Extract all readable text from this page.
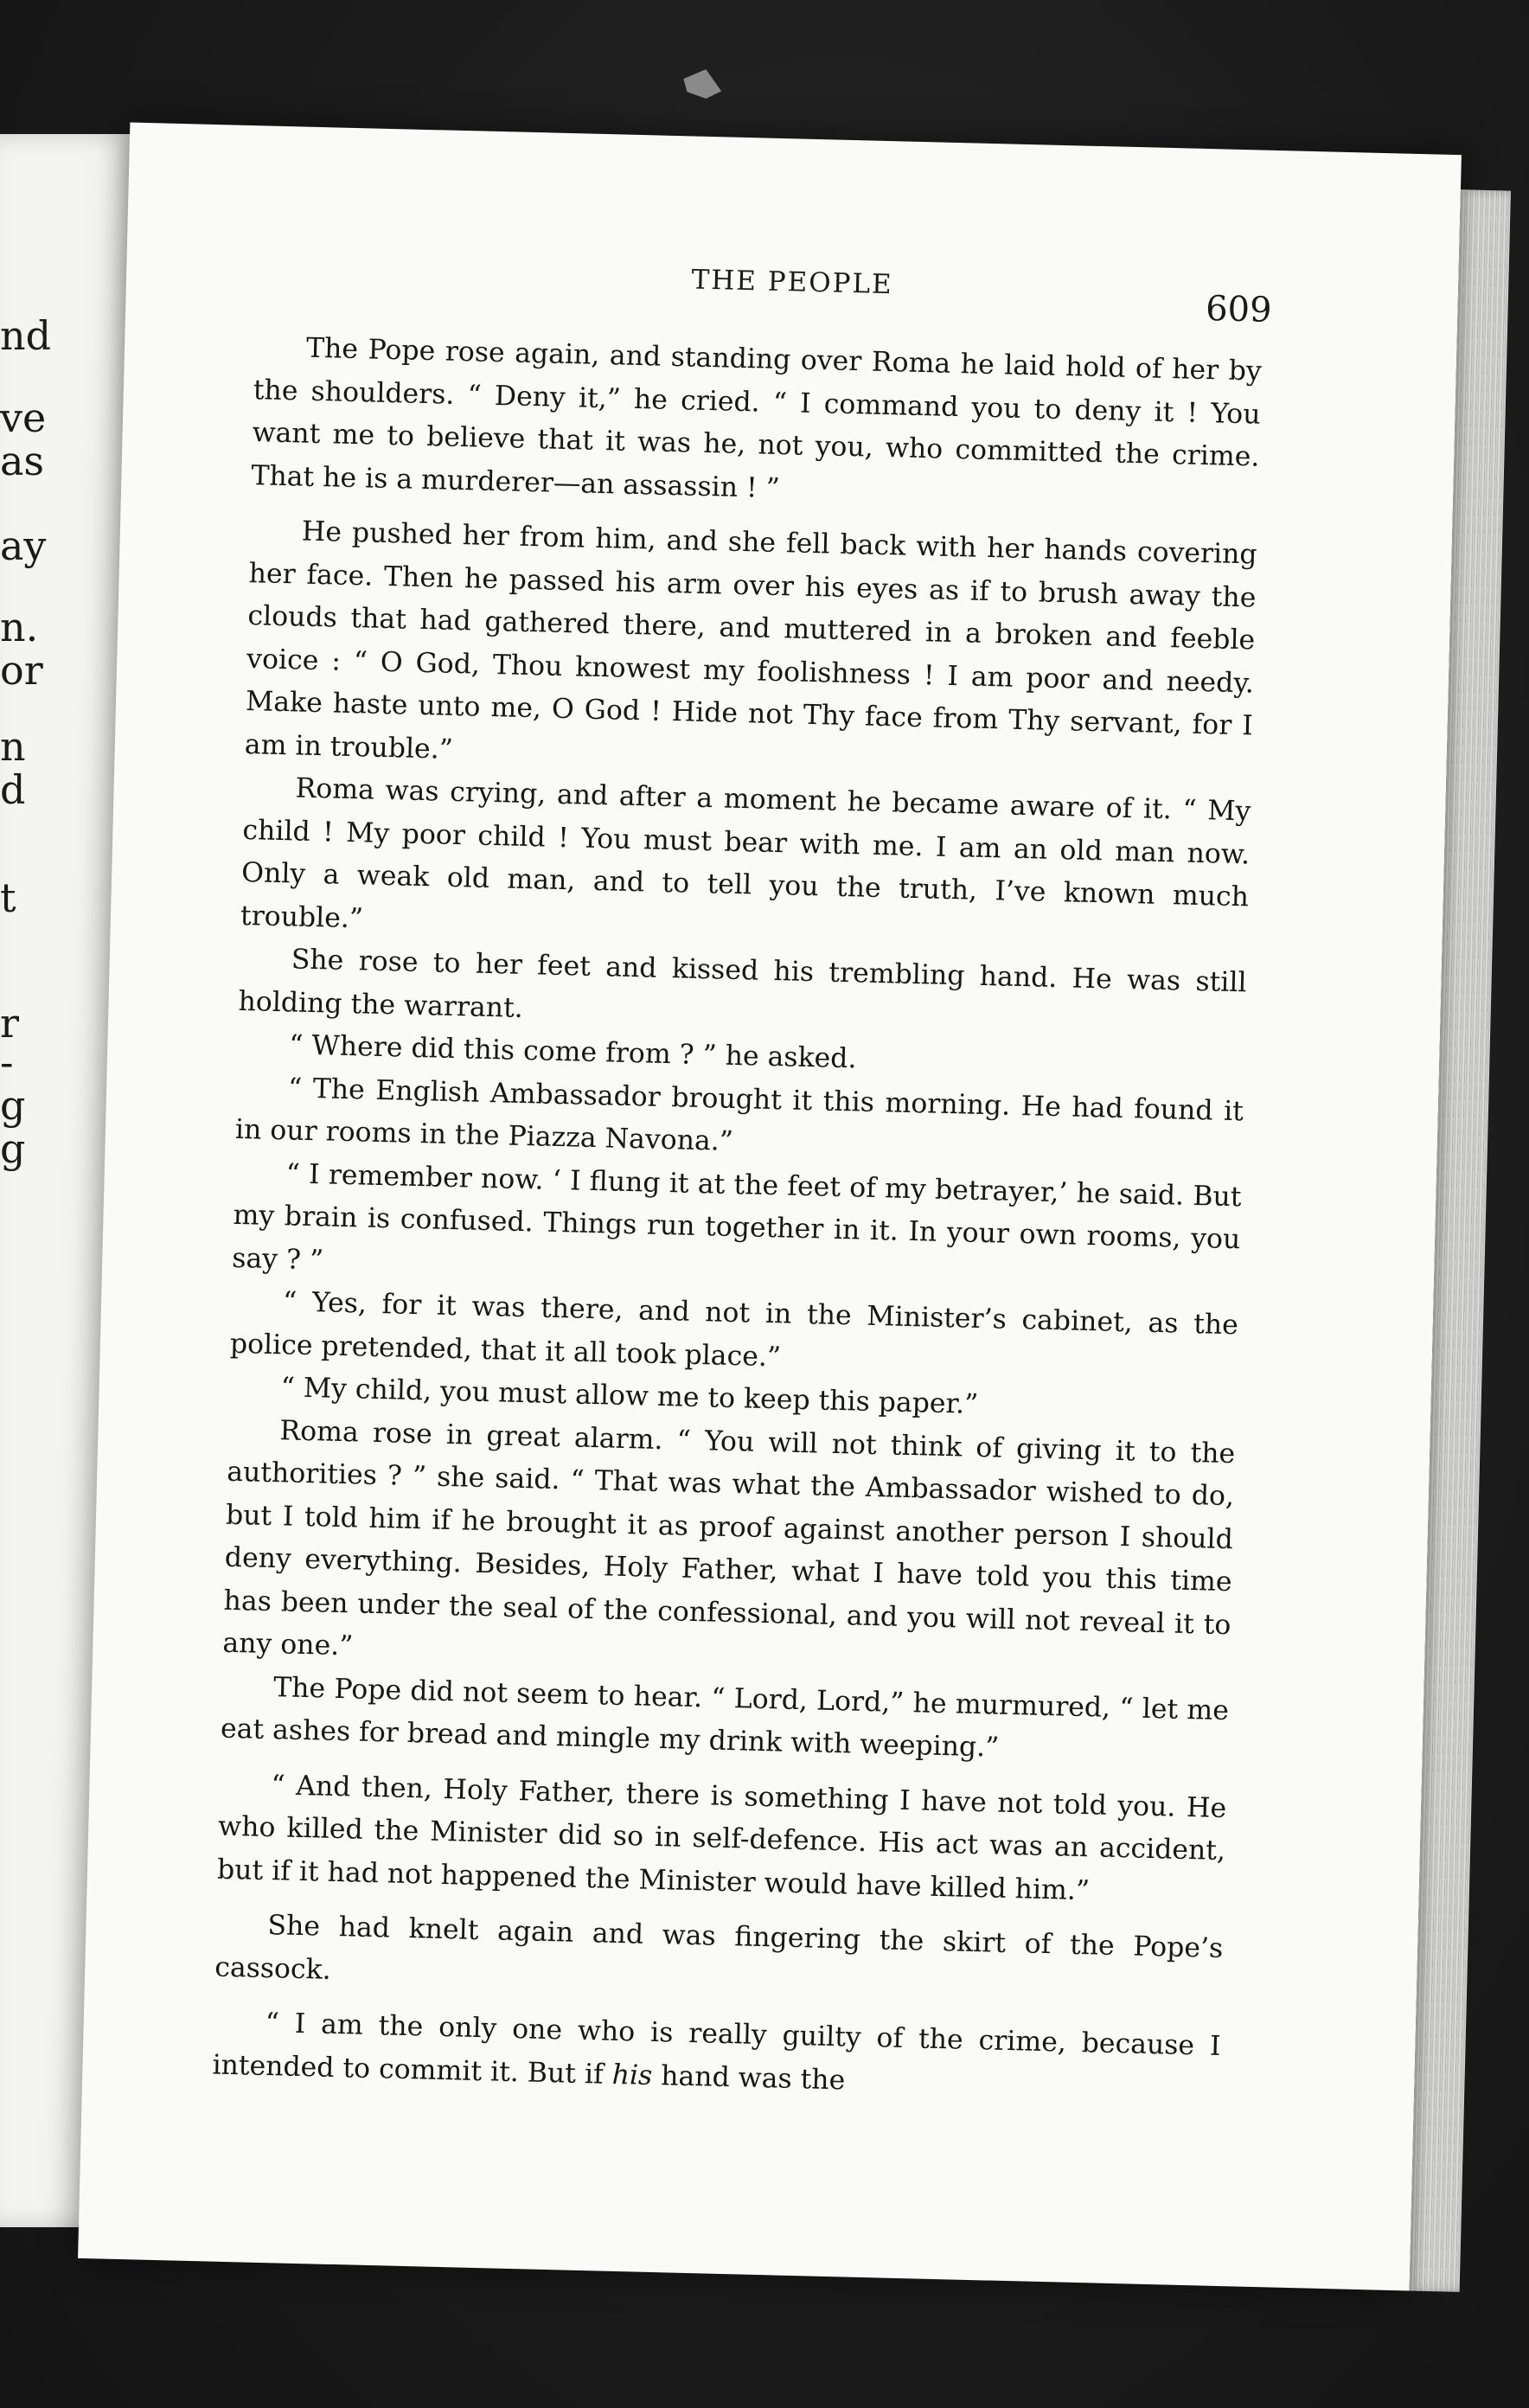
nd
ve
as
ay
n.
or
n
d
t
r
-
g
g
THE PEOPLE
609

The Pope rose again, and standing over Roma he laid hold of her by the shoulders. “ Deny it,” he cried. “ I command you to deny it ! You want me to believe that it was he, not you, who committed the crime. That he is a murderer—an assassin ! ”

He pushed her from him, and she fell back with her hands covering her face. Then he passed his arm over his eyes as if to brush away the clouds that had gathered there, and muttered in a broken and feeble voice : “ O God, Thou knowest my foolishness ! I am poor and needy. Make haste unto me, O God ! Hide not Thy face from Thy servant, for I am in trouble.”

Roma was crying, and after a moment he became aware of it. “ My child ! My poor child ! You must bear with me. I am an old man now. Only a weak old man, and to tell you the truth, I’ve known much trouble.”

She rose to her feet and kissed his trembling hand. He was still holding the warrant.

“ Where did this come from ? ” he asked.

“ The English Ambassador brought it this morning. He had found it in our rooms in the Piazza Navona.”

“ I remember now. ‘ I flung it at the feet of my betrayer,’ he said. But my brain is confused. Things run together in it. In your own rooms, you say ? ”

“ Yes, for it was there, and not in the Minister’s cabinet, as the police pretended, that it all took place.”

“ My child, you must allow me to keep this paper.”

Roma rose in great alarm. “ You will not think of giving it to the authorities ? ” she said. “ That was what the Ambassador wished to do, but I told him if he brought it as proof against another person I should deny everything. Besides, Holy Father, what I have told you this time has been under the seal of the confessional, and you will not reveal it to any one.”

The Pope did not seem to hear. “ Lord, Lord,” he murmured, “ let me eat ashes for bread and mingle my drink with weeping.”

“ And then, Holy Father, there is something I have not told you. He who killed the Minister did so in self-defence. His act was an accident, but if it had not happened the Minister would have killed him.”

She had knelt again and was fingering the skirt of the Pope’s cassock.

“ I am the only one who is really guilty of the crime, because I intended to commit it. But if his hand was the
